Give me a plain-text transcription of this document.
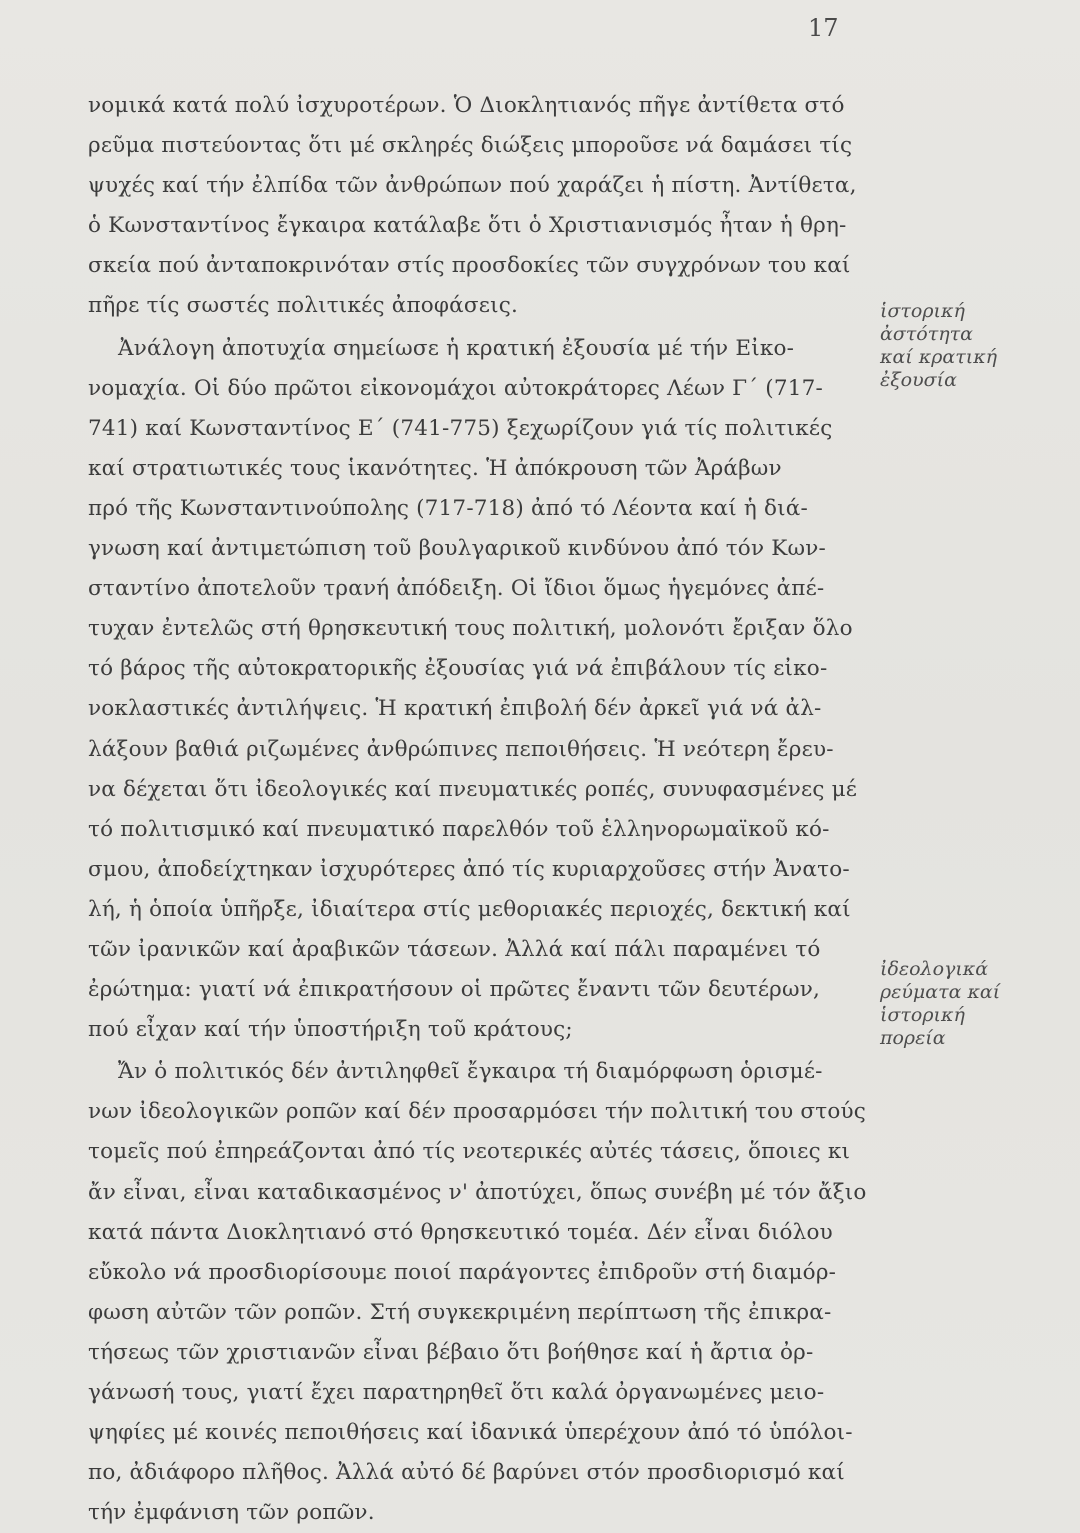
17
νομικά κατά πολύ ἰσχυροτέρων. Ὁ Διοκλητιανός πῆγε ἀντίθετα στό
ρεῦμα πιστεύοντας ὅτι μέ σκληρές διώξεις μποροῦσε νά δαμάσει τίς
ψυχές καί τήν ἐλπίδα τῶν ἀνθρώπων πού χαράζει ἡ πίστη. Ἀντίθετα,
ὁ Κωνσταντίνος ἔγκαιρα κατάλαβε ὅτι ὁ Χριστιανισμός ἦταν ἡ θρη-
σκεία πού ἀνταποκρινόταν στίς προσδοκίες τῶν συγχρόνων του καί
πῆρε τίς σωστές πολιτικές ἀποφάσεις.
Ἀνάλογη ἀποτυχία σημείωσε ἡ κρατική ἐξουσία μέ τήν Εἰκο-
νομαχία. Οἱ δύο πρῶτοι εἰκονομάχοι αὐτοκράτορες Λέων Γ΄ (717-
741) καί Κωνσταντίνος Ε΄ (741-775) ξεχωρίζουν γιά τίς πολιτικές
καί στρατιωτικές τους ἱκανότητες. Ἡ ἀπόκρουση τῶν Ἀράβων
πρό τῆς Κωνσταντινούπολης (717-718) ἀπό τό Λέοντα καί ἡ διά-
γνωση καί ἀντιμετώπιση τοῦ βουλγαρικοῦ κινδύνου ἀπό τόν Κων-
σταντίνο ἀποτελοῦν τρανή ἀπόδειξη. Οἱ ἴδιοι ὅμως ἡγεμόνες ἀπέ-
τυχαν ἐντελῶς στή θρησκευτική τους πολιτική, μολονότι ἔριξαν ὅλο
τό βάρος τῆς αὐτοκρατορικῆς ἐξουσίας γιά νά ἐπιβάλουν τίς εἰκο-
νοκλαστικές ἀντιλήψεις. Ἡ κρατική ἐπιβολή δέν ἀρκεῖ γιά νά ἀλ-
λάξουν βαθιά ριζωμένες ἀνθρώπινες πεποιθήσεις. Ἡ νεότερη ἔρευ-
να δέχεται ὅτι ἰδεολογικές καί πνευματικές ροπές, συνυφασμένες μέ
τό πολιτισμικό καί πνευματικό παρελθόν τοῦ ἑλληνορωμαϊκοῦ κό-
σμου, ἀποδείχτηκαν ἰσχυρότερες ἀπό τίς κυριαρχοῦσες στήν Ἀνατο-
λή, ἡ ὁποία ὑπῆρξε, ἰδιαίτερα στίς μεθοριακές περιοχές, δεκτική καί
τῶν ἰρανικῶν καί ἀραβικῶν τάσεων. Ἀλλά καί πάλι παραμένει τό
ἐρώτημα: γιατί νά ἐπικρατήσουν οἱ πρῶτες ἔναντι τῶν δευτέρων,
πού εἶχαν καί τήν ὑποστήριξη τοῦ κράτους;
Ἄν ὁ πολιτικός δέν ἀντιληφθεῖ ἔγκαιρα τή διαμόρφωση ὁρισμέ-
νων ἰδεολογικῶν ροπῶν καί δέν προσαρμόσει τήν πολιτική του στούς
τομεῖς πού ἐπηρεάζονται ἀπό τίς νεοτερικές αὐτές τάσεις, ὅποιες κι
ἄν εἶναι, εἶναι καταδικασμένος ν' ἀποτύχει, ὅπως συνέβη μέ τόν ἄξιο
κατά πάντα Διοκλητιανό στό θρησκευτικό τομέα. Δέν εἶναι διόλου
εὔκολο νά προσδιορίσουμε ποιοί παράγοντες ἐπιδροῦν στή διαμόρ-
φωση αὐτῶν τῶν ροπῶν. Στή συγκεκριμένη περίπτωση τῆς ἐπικρα-
τήσεως τῶν χριστιανῶν εἶναι βέβαιο ὅτι βοήθησε καί ἡ ἄρτια ὀρ-
γάνωσή τους, γιατί ἔχει παρατηρηθεῖ ὅτι καλά ὀργανωμένες μειο-
ψηφίες μέ κοινές πεποιθήσεις καί ἰδανικά ὑπερέχουν ἀπό τό ὑπόλοι-
πο, ἀδιάφορο πλῆθος. Ἀλλά αὐτό δέ βαρύνει στόν προσδιορισμό καί
τήν ἐμφάνιση τῶν ροπῶν.
ἱστορική
ἀστότητα
καί κρατική
ἐξουσία
ἰδεολογικά
ρεύματα καί
ἱστορική
πορεία
